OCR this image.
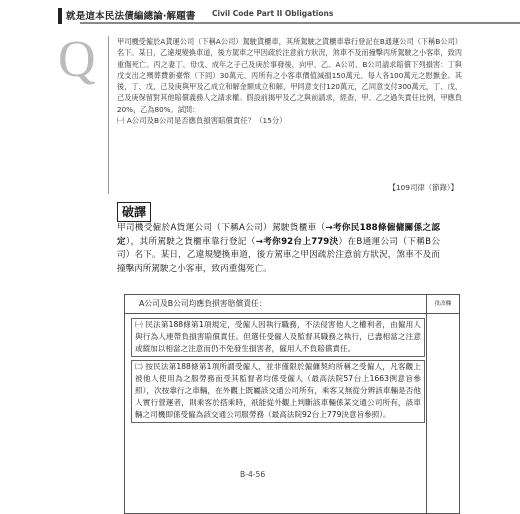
就是這本民法債編總論‧解題書 Civil Code Part II Obligations
Q	甲司機受僱於A貨運公司（下稱A公司）駕駛貨櫃車，其所駕駛之貨櫃車靠行登記在B通運公司（下稱B公司）名下。某日，乙違規變換車道，後方駕車之甲因疏於注意前方狀況，煞車不及而撞擊丙所駕駛之小客車，致丙重傷死亡。丙之妻丁、母戊、成年之子己及庚於事發後，向甲、乙、A公司、B公司請求賠償下列損害：丁與戊支出之殯葬費新臺幣（下同）30萬元、丙所有之小客車價值減損150萬元、每人各100萬元之慰撫金。其後，丁、戊、己及庚與甲及乙成立和解金額成立和解，甲同意支付120萬元，乙同意支付300萬元，丁、戊、己及庚保留對其他賠償義務人之請求權。假設前揭甲及乙之與前請求，經查，甲、乙之過失責任比例，甲應負20%，乙為80%。試問：
㈠ A公司及B公司是否應負損害賠償責任？（15分）
【109司律（節錄）】
破譯
甲司機受僱於A貨運公司（下稱A公司）駕駛貨櫃車（→考你民188條僱傭關係之認定），其所駕駛之貨櫃車靠行登記（→考你92台上779決）在B通運公司（下稱B公司）名下。某日，乙違規變換車道，後方駕車之甲因疏於注意前方狀況，煞車不及而撞擊丙所駕駛之小客車，致丙重傷死亡。
A公司及B公司均應負損害賠償責任：	批改欄
㈠ 民法第188條第1項規定，受僱人因執行職務，不法侵害他人之權利者，由僱用人與行為人連帶負損害賠償責任。但選任受僱人及監督其職務之執行，已盡相當之注意或縱加以相當之注意而仍不免發生損害者，僱用人不負賠償責任。
㈡ 按民法第188條第1項所謂受僱人，並非僅限於僱傭契約所稱之受僱人，凡客觀上被他人使用為之服勞務而受其監督者均係受僱人（最高法院57台上1663例意旨參照），次按靠行之車輛，在外觀上既屬該交通公司所有，乘客又無從分辨該車輛是否他人實行營運者，則乘客於搭乘時，祇能從外觀上判斷該車輛係某交通公司所有，該車輛之司機即係受僱為該交通公司服勞務（最高法院92台上779決意旨參照）。
B-4-56
